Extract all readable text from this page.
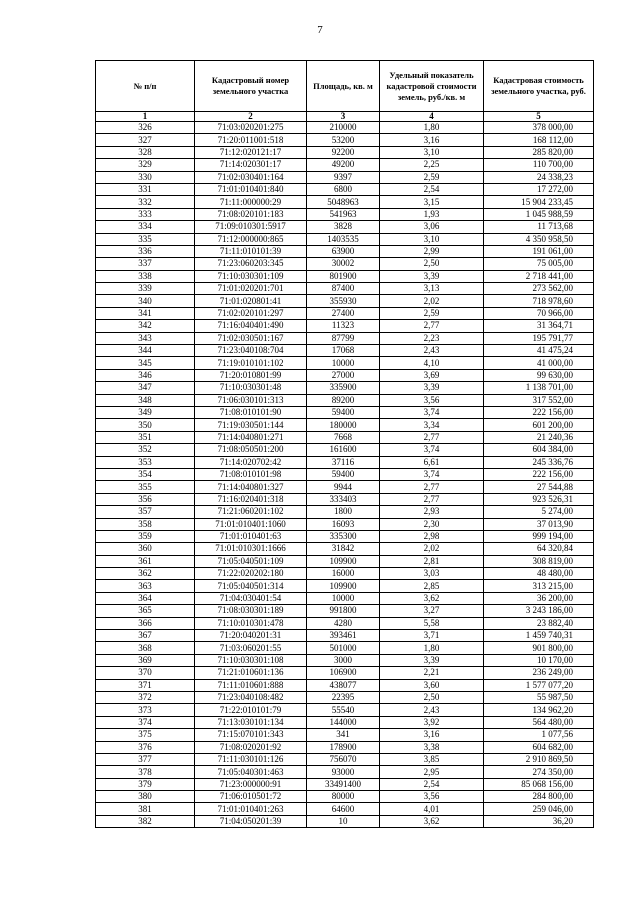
7
№ п/п	Кадастровый номер земельного участка	Площадь, кв. м	Удельный показатель кадастровой стоимости земель, руб./кв. м	Кадастровая стоимость земельного участка, руб.
1	2	3	4	5
326	71:03:020201:275	210000	1,80	378 000,00
327	71:20:011001:518	53200	3,16	168 112,00
328	71:12:020121:17	92200	3,10	285 820,00
329	71:14:020301:17	49200	2,25	110 700,00
330	71:02:030401:164	9397	2,59	24 338,23
331	71:01:010401:840	6800	2,54	17 272,00
332	71:11:000000:29	5048963	3,15	15 904 233,45
333	71:08:020101:183	541963	1,93	1 045 988,59
334	71:09:010301:5917	3828	3,06	11 713,68
335	71:12:000000:865	1403535	3,10	4 350 958,50
336	71:11:010101:39	63900	2,99	191 061,00
337	71:23:060203:345	30002	2,50	75 005,00
338	71:10:030301:109	801900	3,39	2 718 441,00
339	71:01:020201:701	87400	3,13	273 562,00
340	71:01:020801:41	355930	2,02	718 978,60
341	71:02:020101:297	27400	2,59	70 966,00
342	71:16:040401:490	11323	2,77	31 364,71
343	71:02:030501:167	87799	2,23	195 791,77
344	71:23:040108:704	17068	2,43	41 475,24
345	71:19:010101:102	10000	4,10	41 000,00
346	71:20:010801:99	27000	3,69	99 630,00
347	71:10:030301:48	335900	3,39	1 138 701,00
348	71:06:030101:313	89200	3,56	317 552,00
349	71:08:010101:90	59400	3,74	222 156,00
350	71:19:030501:144	180000	3,34	601 200,00
351	71:14:040801:271	7668	2,77	21 240,36
352	71:08:050501:200	161600	3,74	604 384,00
353	71:14:020702:42	37116	6,61	245 336,76
354	71:08:010101:98	59400	3,74	222 156,00
355	71:14:040801:327	9944	2,77	27 544,88
356	71:16:020401:318	333403	2,77	923 526,31
357	71:21:060201:102	1800	2,93	5 274,00
358	71:01:010401:1060	16093	2,30	37 013,90
359	71:01:010401:63	335300	2,98	999 194,00
360	71:01:010301:1666	31842	2,02	64 320,84
361	71:05:040501:109	109900	2,81	308 819,00
362	71:22:020202:180	16000	3,03	48 480,00
363	71:05:040501:314	109900	2,85	313 215,00
364	71:04:030401:54	10000	3,62	36 200,00
365	71:08:030301:189	991800	3,27	3 243 186,00
366	71:10:010301:478	4280	5,58	23 882,40
367	71:20:040201:31	393461	3,71	1 459 740,31
368	71:03:060201:55	501000	1,80	901 800,00
369	71:10:030301:108	3000	3,39	10 170,00
370	71:21:010601:136	106900	2,21	236 249,00
371	71:11:010601:888	438077	3,60	1 577 077,20
372	71:23:040108:482	22395	2,50	55 987,50
373	71:22:010101:79	55540	2,43	134 962,20
374	71:13:030101:134	144000	3,92	564 480,00
375	71:15:070101:343	341	3,16	1 077,56
376	71:08:020201:92	178900	3,38	604 682,00
377	71:11:030101:126	756070	3,85	2 910 869,50
378	71:05:040301:463	93000	2,95	274 350,00
379	71:23:000000:91	33491400	2,54	85 068 156,00
380	71:06:010501:72	80000	3,56	284 800,00
381	71:01:010401:263	64600	4,01	259 046,00
382	71:04:050201:39	10	3,62	36,20
